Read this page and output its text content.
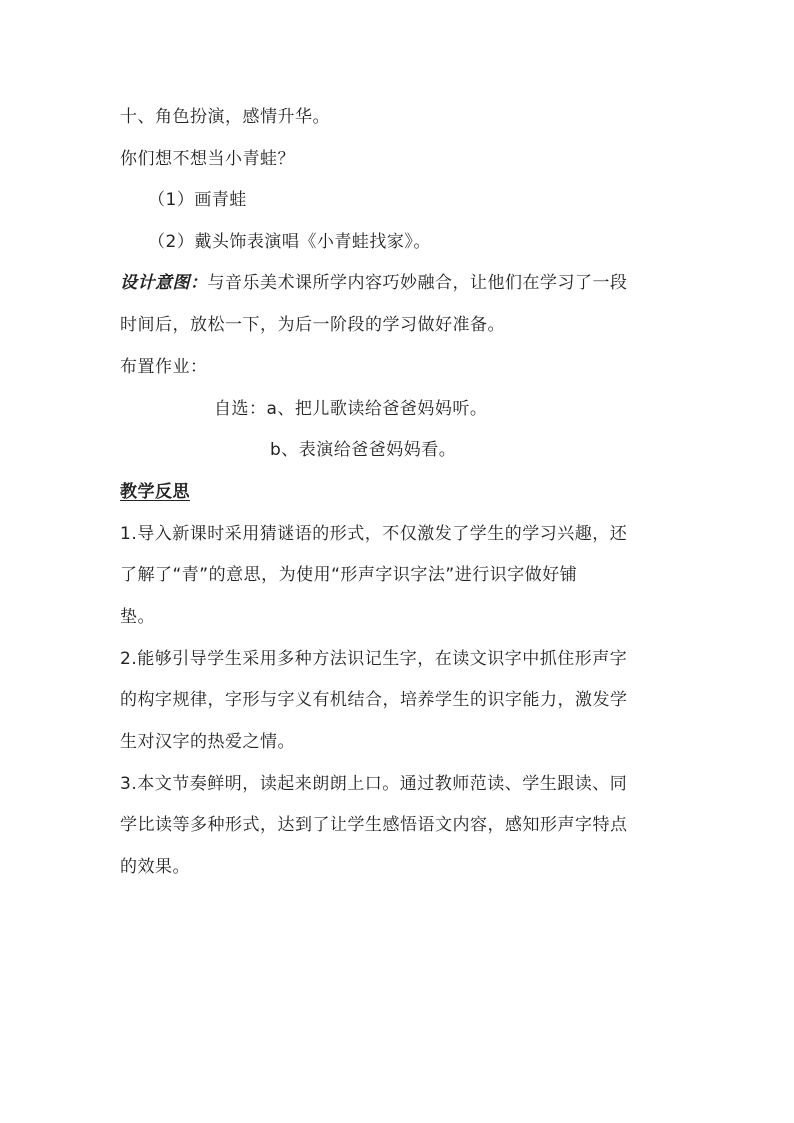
十、角色扮演，感情升华。
你们想不想当小青蛙？
（1）画青蛙
（2）戴头饰表演唱《小青蛙找家》。
设计意图：与音乐美术课所学内容巧妙融合，让他们在学习了一段
时间后，放松一下，为后一阶段的学习做好准备。
布置作业：
自选：a、把儿歌读给爸爸妈妈听。
b、表演给爸爸妈妈看。
教学反思
1.导入新课时采用猜谜语的形式，不仅激发了学生的学习兴趣，还
了解了“青”的意思，为使用“形声字识字法”进行识字做好铺
垫。
2.能够引导学生采用多种方法识记生字，在读文识字中抓住形声字
的构字规律，字形与字义有机结合，培养学生的识字能力，激发学
生对汉字的热爱之情。
3.本文节奏鲜明，读起来朗朗上口。通过教师范读、学生跟读、同
学比读等多种形式，达到了让学生感悟语文内容，感知形声字特点
的效果。
